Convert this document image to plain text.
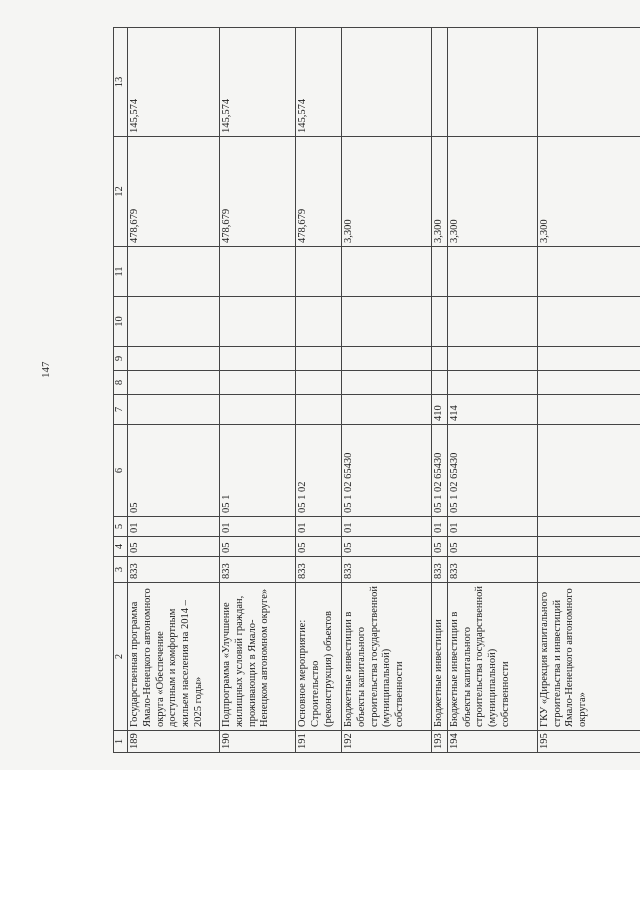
147
1	2	3	4	5	6	7	8	9	10	11	12	13
189	Государственная программа Ямало-Ненецкого автономного округа «Обеспечение доступным и комфортным жильем населения на 2014 – 2025 годы»	833	05	01	05						478,679	145,574
190	Подпрограмма «Улучшение жилищных условий граждан, проживающих в Ямало-Ненецком автономном округе»	833	05	01	05 1						478,679	145,574
191	Основное мероприятие: Строительство (реконструкция) объектов	833	05	01	05 1 02						478,679	145,574
192	Бюджетные инвестиции в объекты капитального строительства государственной (муниципальной) собственности	833	05	01	05 1 02 65430						3,300	
193	Бюджетные инвестиции	833	05	01	05 1 02 65430	410					3,300	
194	Бюджетные инвестиции в объекты капитального строительства государственной (муниципальной) собственности	833	05	01	05 1 02 65430	414					3,300	
195	ГКУ «Дирекция капитального строительства и инвестиций Ямало-Ненецкого автономного округа»										3,300	
